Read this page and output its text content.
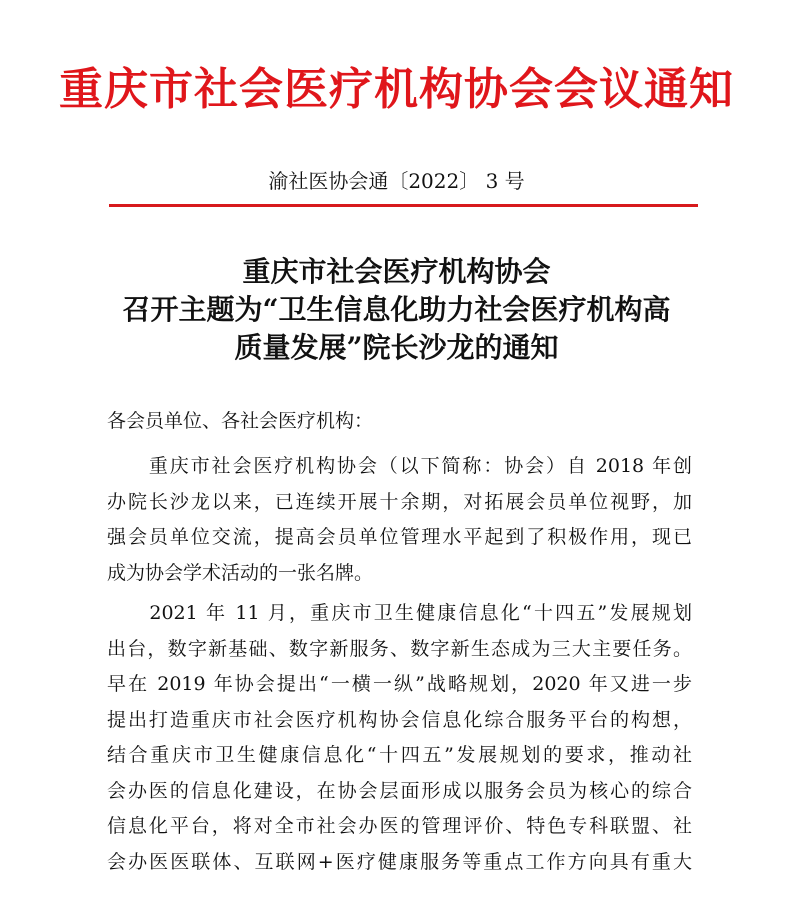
重庆市社会医疗机构协会会议通知
渝社医协会通〔2022〕 3 号
重庆市社会医疗机构协会
召开主题为“卫生信息化助力社会医疗机构高
质量发展”院长沙龙的通知
各会员单位、各社会医疗机构：
　　重庆市社会医疗机构协会（以下简称：协会）自 2018 年创
办院长沙龙以来，已连续开展十余期，对拓展会员单位视野，加
强会员单位交流，提高会员单位管理水平起到了积极作用，现已
成为协会学术活动的一张名牌。
　　2021 年 11 月，重庆市卫生健康信息化“十四五”发展规划
出台，数字新基础、数字新服务、数字新生态成为三大主要任务。
早在 2019 年协会提出“一横一纵”战略规划，2020 年又进一步
提出打造重庆市社会医疗机构协会信息化综合服务平台的构想，
结合重庆市卫生健康信息化“十四五”发展规划的要求，推动社
会办医的信息化建设，在协会层面形成以服务会员为核心的综合
信息化平台，将对全市社会办医的管理评价、特色专科联盟、社
会办医医联体、互联网+医疗健康服务等重点工作方向具有重大
